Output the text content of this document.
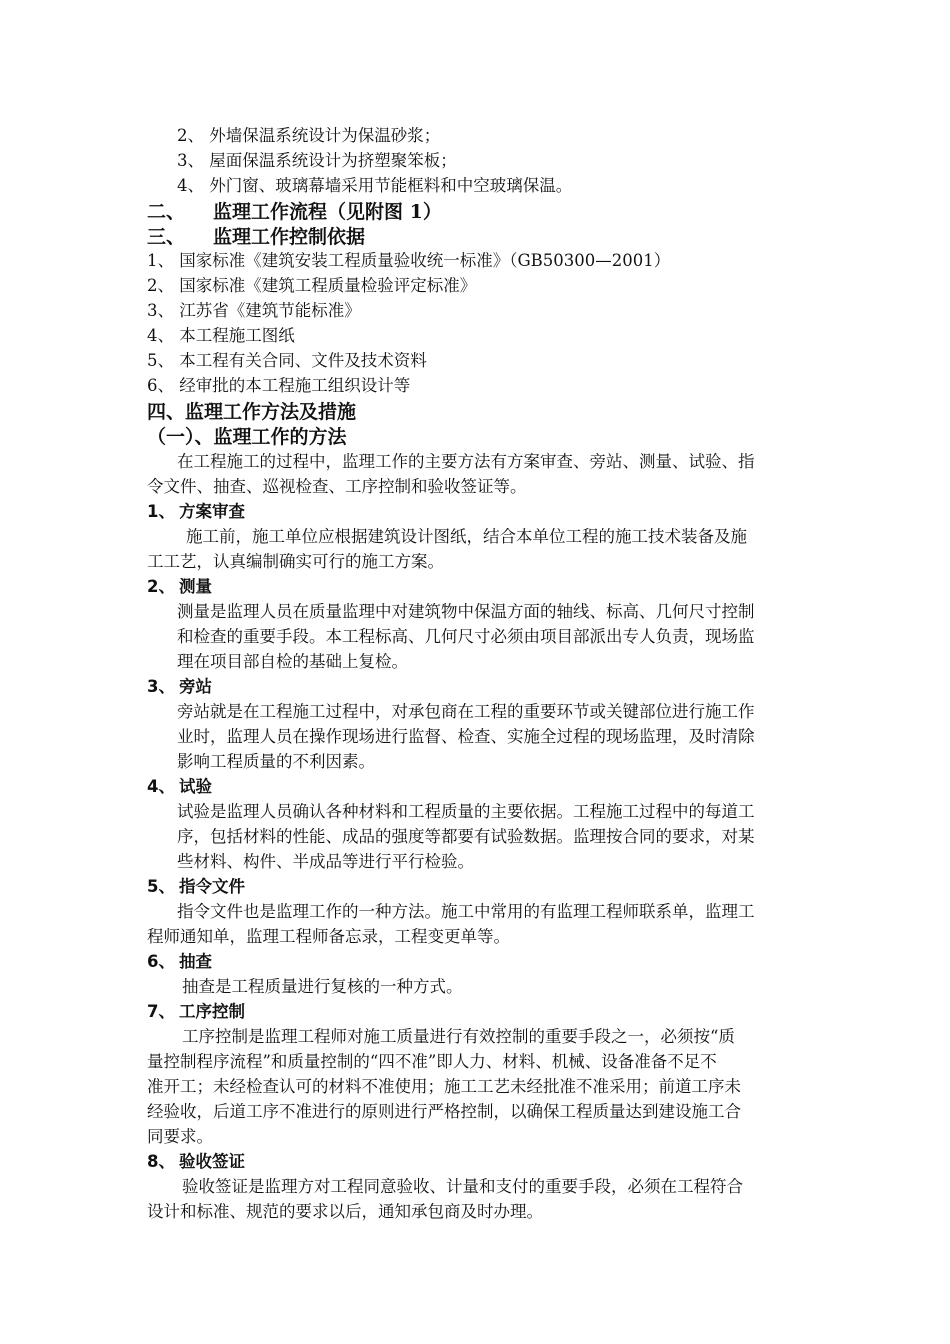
2、 外墙保温系统设计为保温砂浆；
3、 屋面保温系统设计为挤塑聚笨板；
4、 外门窗、玻璃幕墙采用节能框料和中空玻璃保温。
二、 监理工作流程（见附图 1）
三、 监理工作控制依据
1、 国家标准《建筑安装工程质量验收统一标准》（GB50300—2001）
2、 国家标准《建筑工程质量检验评定标准》
3、 江苏省《建筑节能标准》
4、 本工程施工图纸
5、 本工程有关合同、文件及技术资料
6、 经审批的本工程施工组织设计等
四、监理工作方法及措施
（一）、监理工作的方法
在工程施工的过程中，监理工作的主要方法有方案审查、旁站、测量、试验、指
令文件、抽查、巡视检查、工序控制和验收签证等。
1、 方案审查
施工前，施工单位应根据建筑设计图纸，结合本单位工程的施工技术装备及施
工工艺，认真编制确实可行的施工方案。
2、 测量
测量是监理人员在质量监理中对建筑物中保温方面的轴线、标高、几何尺寸控制
和检查的重要手段。本工程标高、几何尺寸必须由项目部派出专人负责，现场监
理在项目部自检的基础上复检。
3、 旁站
旁站就是在工程施工过程中，对承包商在工程的重要环节或关键部位进行施工作
业时，监理人员在操作现场进行监督、检查、实施全过程的现场监理，及时清除
影响工程质量的不利因素。
4、 试验
试验是监理人员确认各种材料和工程质量的主要依据。工程施工过程中的每道工
序，包括材料的性能、成品的强度等都要有试验数据。监理按合同的要求，对某
些材料、构件、半成品等进行平行检验。
5、 指令文件
指令文件也是监理工作的一种方法。施工中常用的有监理工程师联系单，监理工
程师通知单，监理工程师备忘录，工程变更单等。
6、 抽查
抽查是工程质量进行复核的一种方式。
7、 工序控制
工序控制是监理工程师对施工质量进行有效控制的重要手段之一，必须按“质
量控制程序流程”和质量控制的“四不准”即人力、材料、机械、设备准备不足不
准开工；未经检查认可的材料不准使用；施工工艺未经批准不准采用；前道工序未
经验收，后道工序不准进行的原则进行严格控制，以确保工程质量达到建设施工合
同要求。
8、 验收签证
验收签证是监理方对工程同意验收、计量和支付的重要手段，必须在工程符合
设计和标准、规范的要求以后，通知承包商及时办理。
